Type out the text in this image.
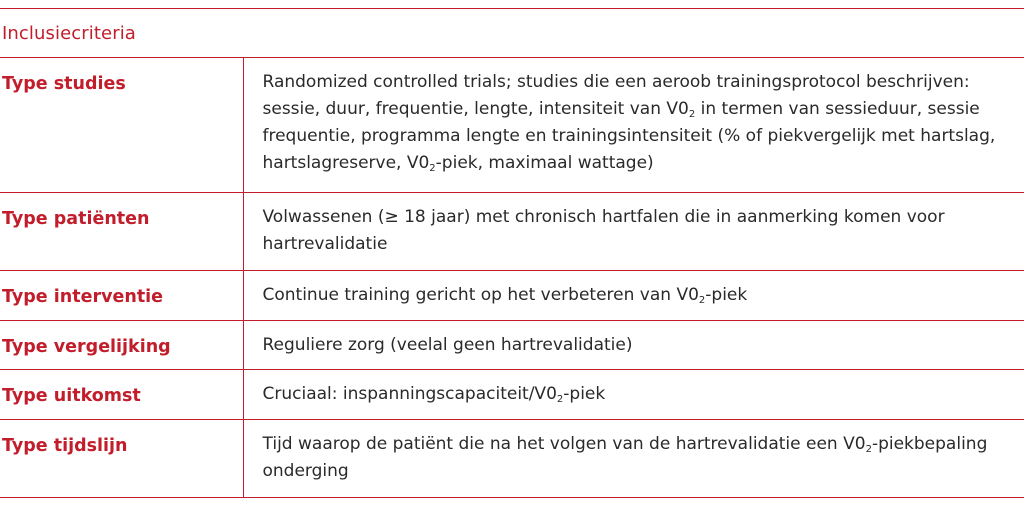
Inclusiecriteria
Type studies	Randomized controlled trials; studies die een aeroob trainingsprotocol beschrijven: sessie, duur, frequentie, lengte, intensiteit van $V0_2$ in termen van sessieduur, sessie frequentie, programma lengte en trainingsintensiteit (% of piekvergelijk met hartslag, hartslagreserve, $V0_2$-piek, maximaal wattage)
Type patiënten	Volwassenen (≥ 18 jaar) met chronisch hartfalen die in aanmerking komen voor hartrevalidatie
Type interventie	Continue training gericht op het verbeteren van $V0_2$-piek
Type vergelijking	Reguliere zorg (veelal geen hartrevalidatie)
Type uitkomst	Cruciaal: inspanningscapaciteit/$V0_2$-piek
Type tijdslijn	Tijd waarop de patiënt die na het volgen van de hartrevalidatie een $V0_2$-piekbepaling onderging
